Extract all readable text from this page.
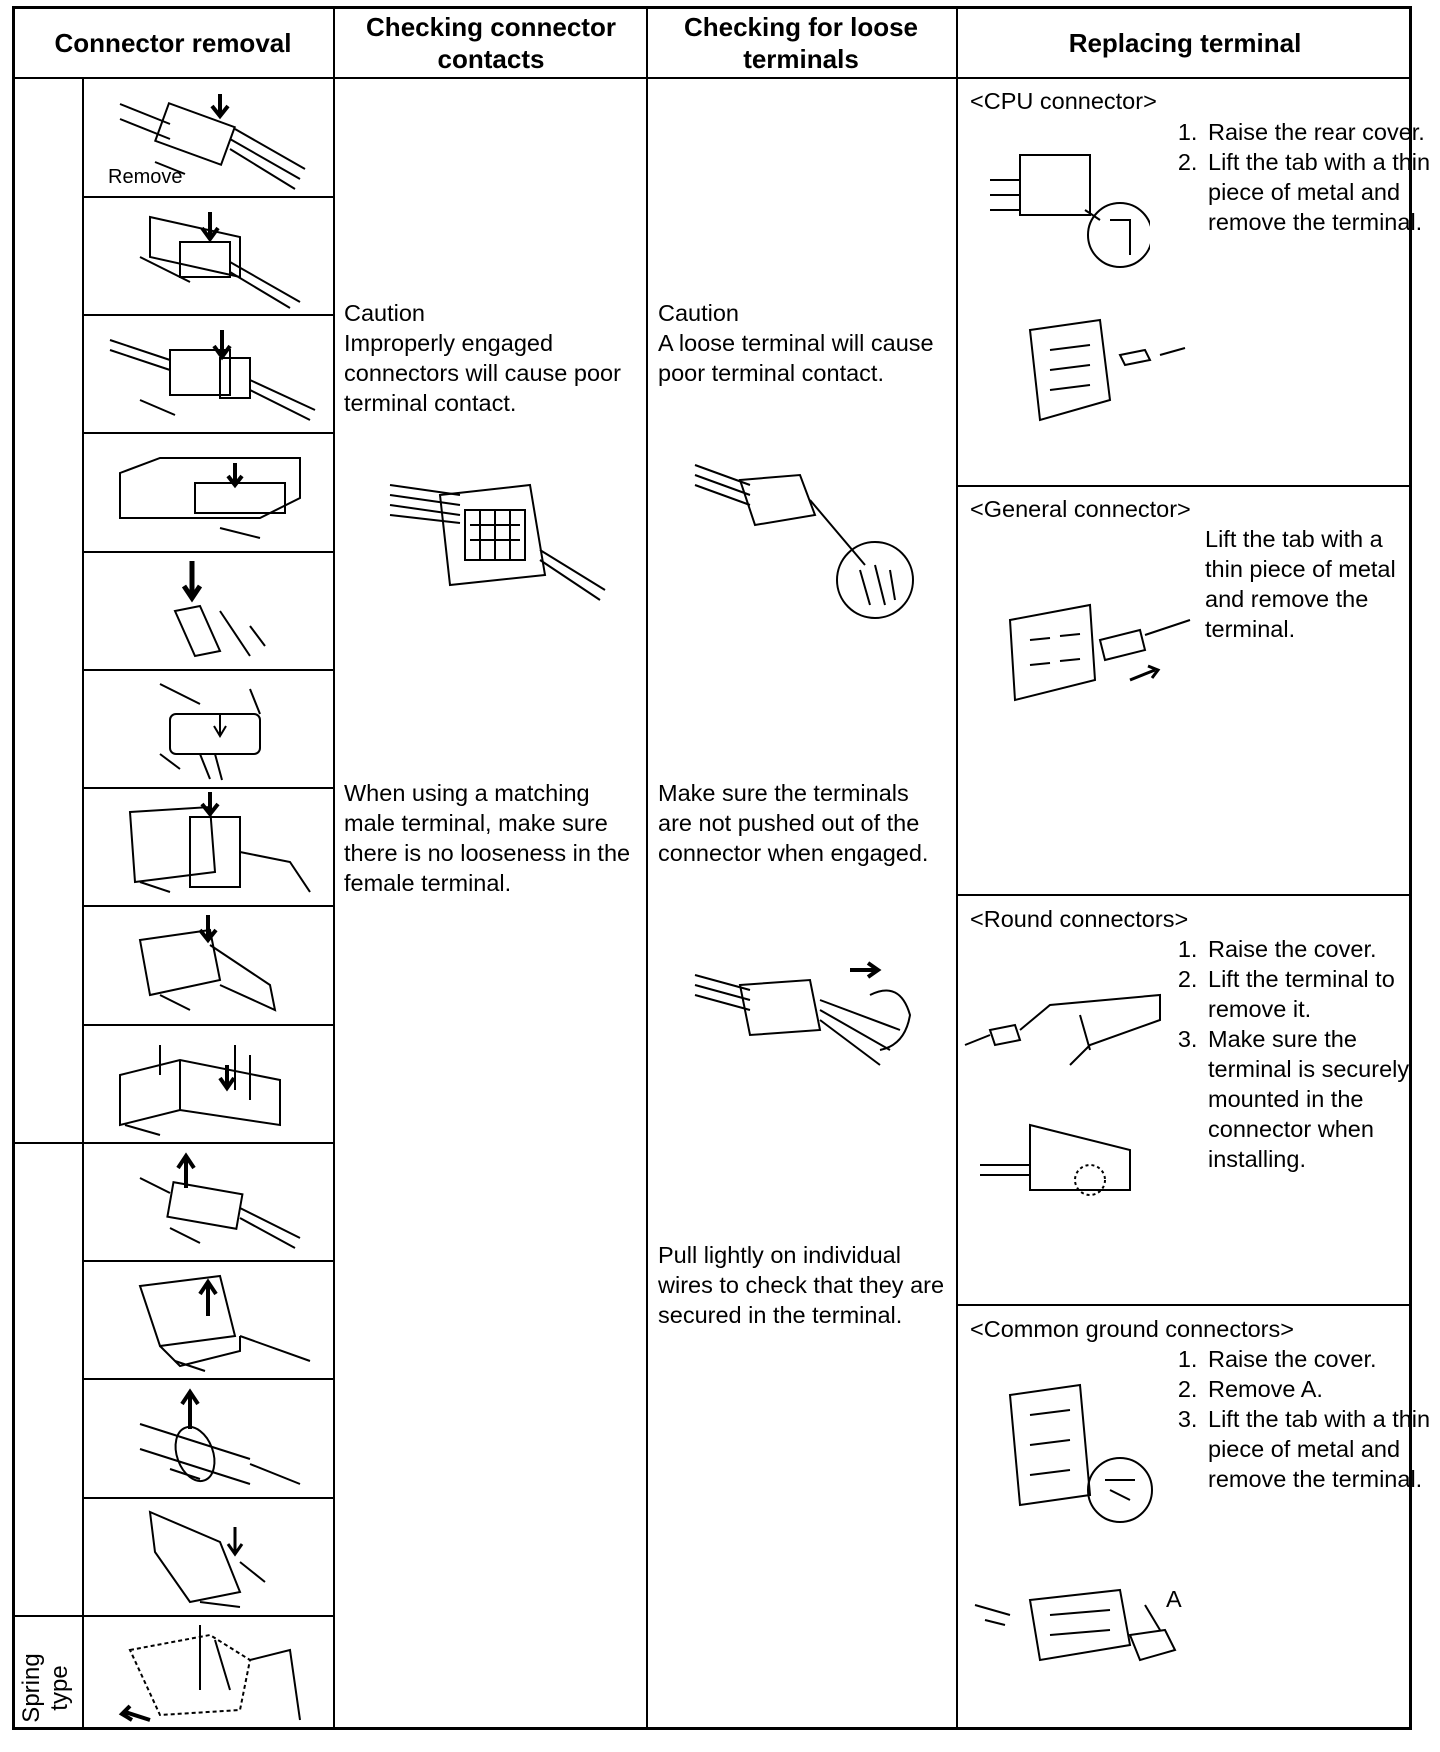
Connector removal
Checking connector contacts
Checking for loose terminals
Replacing terminal
Spring
type
Remove
Caution
Improperly engaged connectors will cause poor terminal contact.
When using a matching male terminal, make sure there is no looseness in the female terminal.
Caution
A loose terminal will cause poor terminal contact.
Make sure the terminals are not pushed out of the connector when engaged.
Pull lightly on individual wires to check that they are secured in the terminal.
<CPU connector>
1. Raise the rear cover.
2. Lift the tab with a thin piece of metal and remove the terminal.
<General connector>
Lift the tab with a thin piece of metal and remove the terminal.
<Round connectors>
1. Raise the cover.
2. Lift the terminal to remove it.
3. Make sure the terminal is securely mounted in the connector when installing.
<Common ground connectors>
1. Raise the cover.
2. Remove A.
3. Lift the tab with a thin piece of metal and remove the terminal.
A
